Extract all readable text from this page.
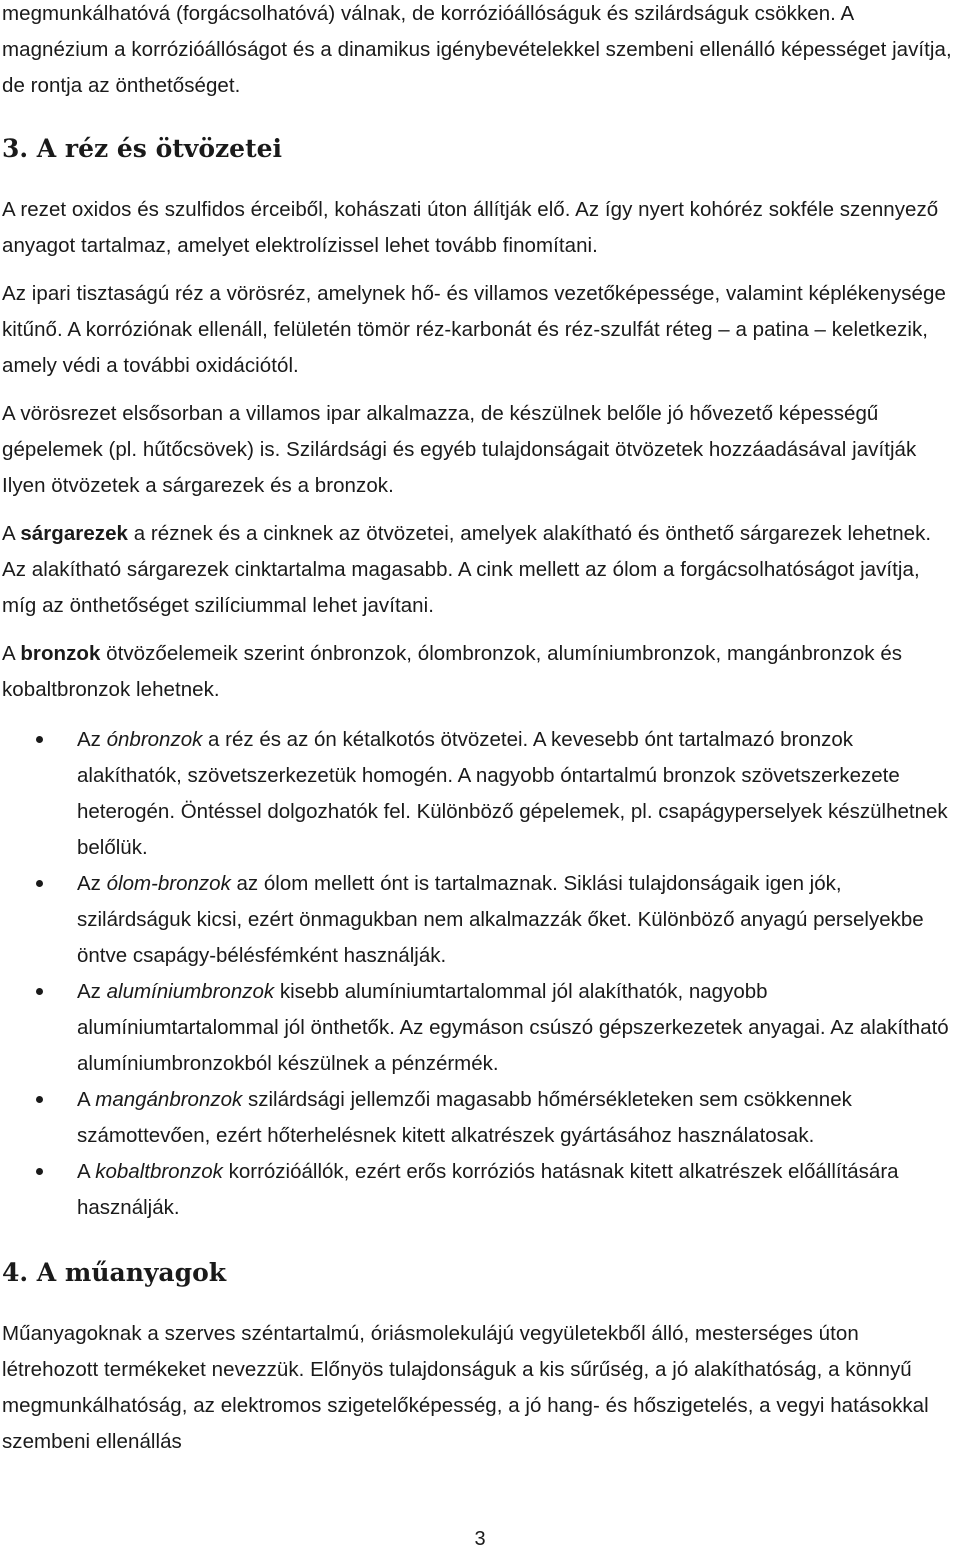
megmunkálhatóvá (forgácsolhatóvá) válnak, de korrózióállóságuk és szilárdságuk csökken. A magnézium a korrózióállóságot és a dinamikus igénybevételekkel szembeni ellenálló képességet javítja, de rontja az önthetőséget.

3. A réz és ötvözetei

A rezet oxidos és szulfidos érceiből, kohászati úton állítják elő. Az így nyert kohóréz sokféle szennyező anyagot tartalmaz, amelyet elektrolízissel lehet tovább finomítani.

Az ipari tisztaságú réz a vörösréz, amelynek hő- és villamos vezetőképessége, valamint képlékenysége kitűnő. A korróziónak ellenáll, felületén tömör réz-karbonát és réz-szulfát réteg – a patina – keletkezik, amely védi a további oxidációtól.

A vörösrezet elsősorban a villamos ipar alkalmazza, de készülnek belőle jó hővezető képességű gépelemek (pl. hűtőcsövek) is. Szilárdsági és egyéb tulajdonságait ötvözetek hozzáadásával javítják Ilyen ötvözetek a sárgarezek és a bronzok.

A sárgarezek a réznek és a cinknek az ötvözetei, amelyek alakítható és önthető sárgarezek lehetnek. Az alakítható sárgarezek cinktartalma magasabb. A cink mellett az ólom a forgácsolhatóságot javítja, míg az önthetőséget szilíciummal lehet javítani.

A bronzok ötvözőelemeik szerint ónbronzok, ólombronzok, alumíniumbronzok, mangánbronzok és kobaltbronzok lehetnek.

Az ónbronzok a réz és az ón kétalkotós ötvözetei. A kevesebb ónt tartalmazó bronzok alakíthatók, szövetszerkezetük homogén. A nagyobb óntartalmú bronzok szövetszerkezete heterogén. Öntéssel dolgozhatók fel. Különböző gépelemek, pl. csapágyperselyek készülhetnek belőlük.
Az ólom-bronzok az ólom mellett ónt is tartalmaznak. Siklási tulajdonságaik igen jók, szilárdságuk kicsi, ezért önmagukban nem alkalmazzák őket. Különböző anyagú perselyekbe öntve csapágy-bélésfémként használják.
Az alumíniumbronzok kisebb alumíniumtartalommal jól alakíthatók, nagyobb alumíniumtartalommal jól önthetők. Az egymáson csúszó gépszerkezetek anyagai. Az alakítható alumíniumbronzokból készülnek a pénzérmék.
A mangánbronzok szilárdsági jellemzői magasabb hőmérsékleteken sem csökkennek számottevően, ezért hőterhelésnek kitett alkatrészek gyártásához használatosak.
A kobaltbronzok korrózióállók, ezért erős korróziós hatásnak kitett alkatrészek előállítására használják.
4. A műanyagok

Műanyagoknak a szerves széntartalmú, óriásmolekulájú vegyületekből álló, mesterséges úton létrehozott termékeket nevezzük. Előnyös tulajdonságuk a kis sűrűség, a jó alakíthatóság, a könnyű megmunkálhatóság, az elektromos szigetelőképesség, a jó hang- és hőszigetelés, a vegyi hatásokkal szembeni ellenállás

3
